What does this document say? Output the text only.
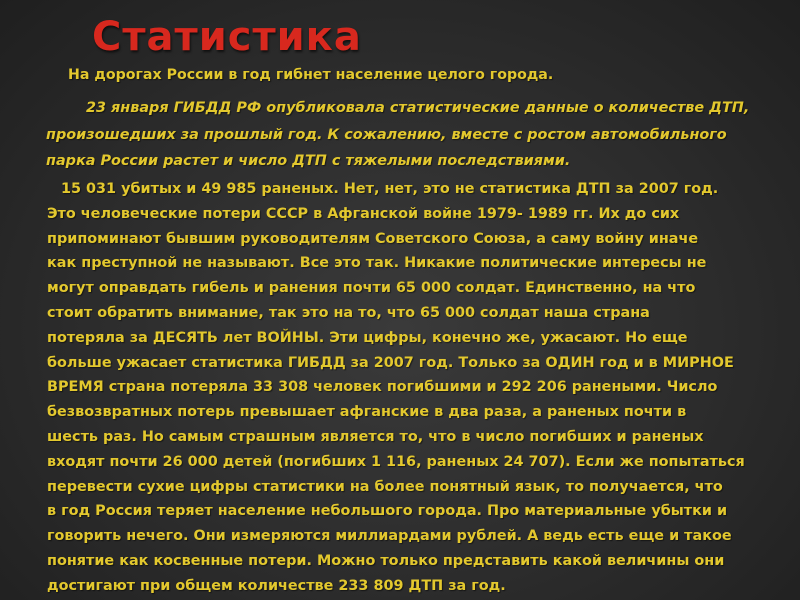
Статистика
На дорогах России в год гибнет население целого города.
23 января ГИБДД РФ опубликовала статистические данные о количестве ДТП,
произошедших за прошлый год. К сожалению, вместе с ростом автомобильного
парка России растет и число ДТП с тяжелыми последствиями.
15 031 убитых и 49 985 раненых. Нет, нет, это не статистика ДТП за 2007 год.
Это человеческие потери СССР в Афганской войне 1979- 1989 гг. Их до сих
припоминают бывшим руководителям Советского Союза, а саму войну иначе
как преступной не называют. Все это так. Никакие политические интересы не
могут оправдать гибель и ранения почти 65 000 солдат. Единственно, на что
стоит обратить внимание, так это на то, что 65 000 солдат наша страна
потеряла за ДЕСЯТЬ лет ВОЙНЫ. Эти цифры, конечно же, ужасают. Но еще
больше ужасает статистика ГИБДД за 2007 год. Только за ОДИН год и в МИРНОЕ
ВРЕМЯ страна потеряла 33 308 человек погибшими и 292 206 ранеными. Число
безвозвратных потерь превышает афганские в два раза, а раненых почти в
шесть раз. Но самым страшным является то, что в число погибших и раненых
входят почти 26 000 детей (погибших 1 116, раненых 24 707). Если же попытаться
перевести сухие цифры статистики на более понятный язык, то получается, что
в год Россия теряет население небольшого города. Про материальные убытки и
говорить нечего. Они измеряются миллиардами рублей. А ведь есть еще и такое
понятие как косвенные потери. Можно только представить какой величины они
достигают при общем количестве 233 809 ДТП за год.
